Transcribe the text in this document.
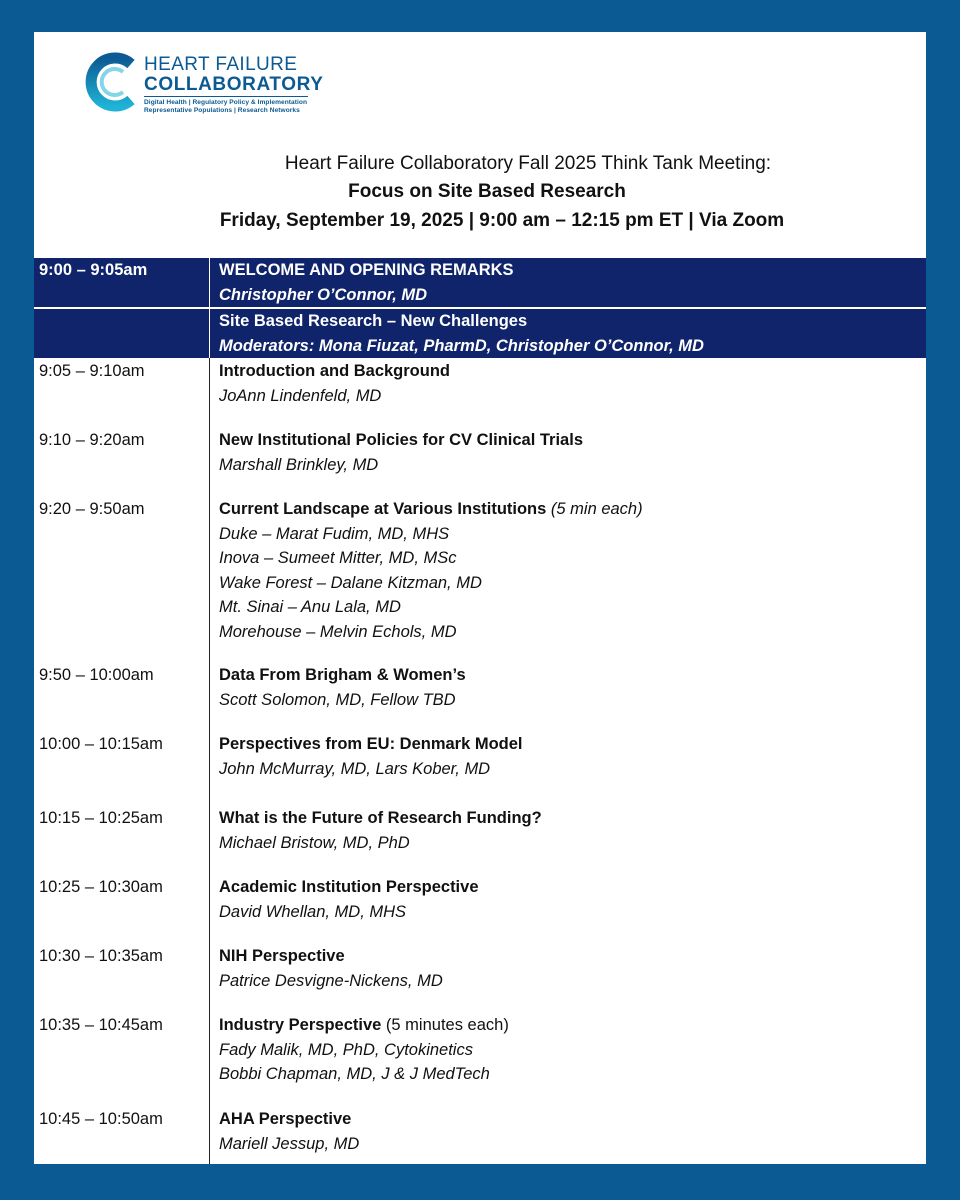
HEART FAILURE
COLLABORATORY
Digital Health | Regulatory Policy & Implementation
Representative Populations | Research Networks
Heart Failure Collaboratory Fall 2025 Think Tank Meeting:
Focus on Site Based Research
Friday, September 19, 2025 | 9:00 am – 12:15 pm ET | Via Zoom
9:00 – 9:05am	WELCOME AND OPENING REMARKS
Christopher O’Connor, MD
Site Based Research – New Challenges
Moderators: Mona Fiuzat, PharmD, Christopher O’Connor, MD
9:05 – 9:10am	Introduction and Background
JoAnn Lindenfeld, MD
9:10 – 9:20am	New Institutional Policies for CV Clinical Trials
Marshall Brinkley, MD
9:20 – 9:50am	Current Landscape at Various Institutions (5 min each)
Duke – Marat Fudim, MD, MHS
Inova – Sumeet Mitter, MD, MSc
Wake Forest – Dalane Kitzman, MD
Mt. Sinai – Anu Lala, MD
Morehouse – Melvin Echols, MD
9:50 – 10:00am	Data From Brigham & Women’s
Scott Solomon, MD, Fellow TBD
10:00 – 10:15am	Perspectives from EU: Denmark Model
John McMurray, MD, Lars Kober, MD
10:15 – 10:25am	What is the Future of Research Funding?
Michael Bristow, MD, PhD
10:25 – 10:30am	Academic Institution Perspective
David Whellan, MD, MHS
10:30 – 10:35am	NIH Perspective
Patrice Desvigne-Nickens, MD
10:35 – 10:45am	Industry Perspective (5 minutes each)
Fady Malik, MD, PhD, Cytokinetics
Bobbi Chapman, MD, J & J MedTech
10:45 – 10:50am	AHA Perspective
Mariell Jessup, MD
